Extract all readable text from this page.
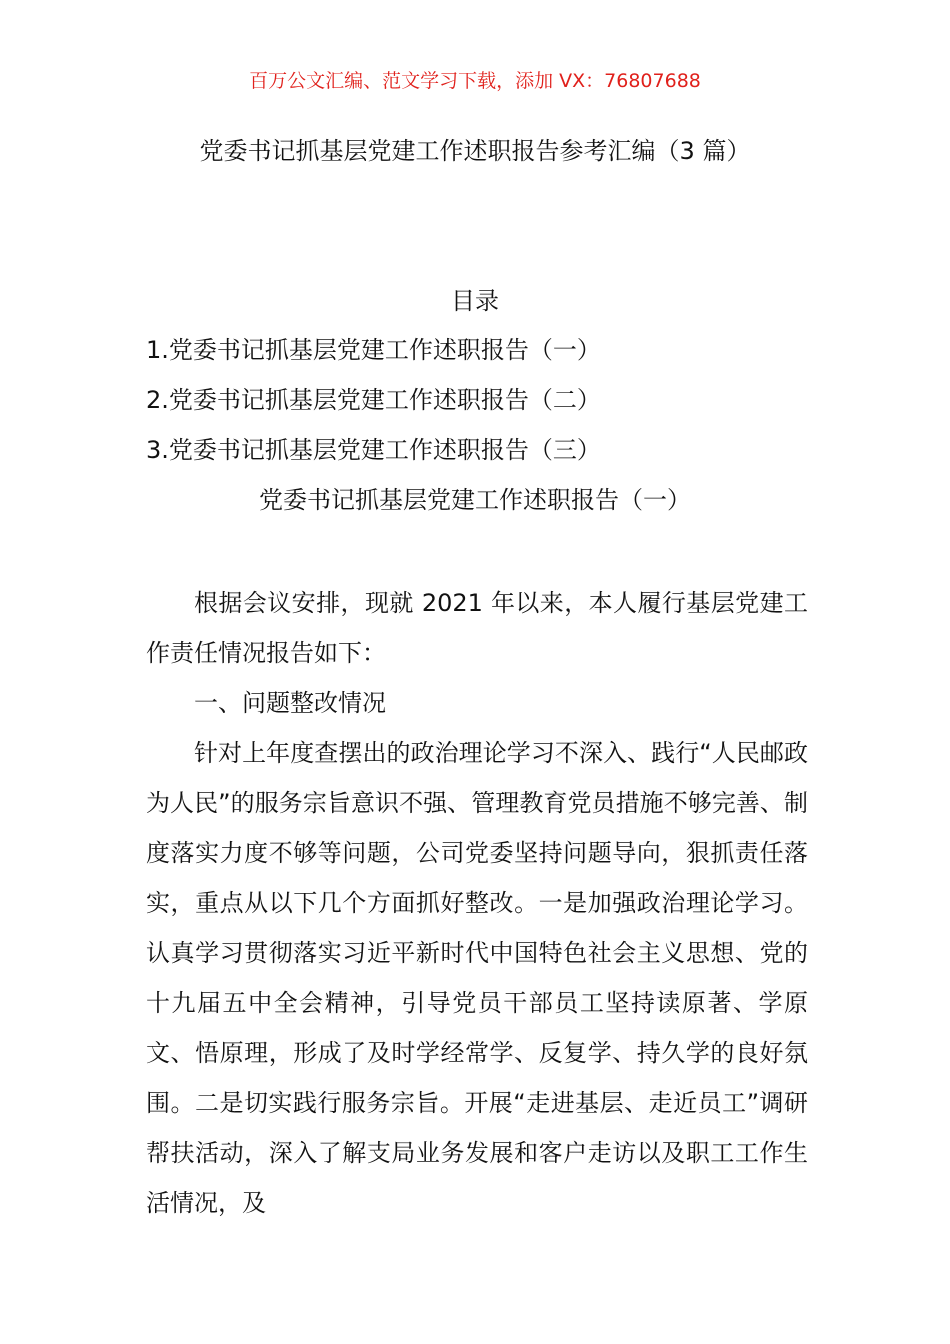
百万公文汇编、范文学习下载，添加 VX：76807688
党委书记抓基层党建工作述职报告参考汇编（3 篇）
目录
1.党委书记抓基层党建工作述职报告（一）
2.党委书记抓基层党建工作述职报告（二）
3.党委书记抓基层党建工作述职报告（三）
党委书记抓基层党建工作述职报告（一）

根据会议安排，现就 2021 年以来，本人履行基层党建工作责任情况报告如下：

一、问题整改情况

针对上年度查摆出的政治理论学习不深入、践行“人民邮政为人民”的服务宗旨意识不强、管理教育党员措施不够完善、制度落实力度不够等问题，公司党委坚持问题导向，狠抓责任落实，重点从以下几个方面抓好整改。一是加强政治理论学习。认真学习贯彻落实习近平新时代中国特色社会主义思想、党的十九届五中全会精神，引导党员干部员工坚持读原著、学原文、悟原理，形成了及时学经常学、反复学、持久学的良好氛围。二是切实践行服务宗旨。开展“走进基层、走近员工”调研帮扶活动，深入了解支局业务发展和客户走访以及职工工作生活情况，及
